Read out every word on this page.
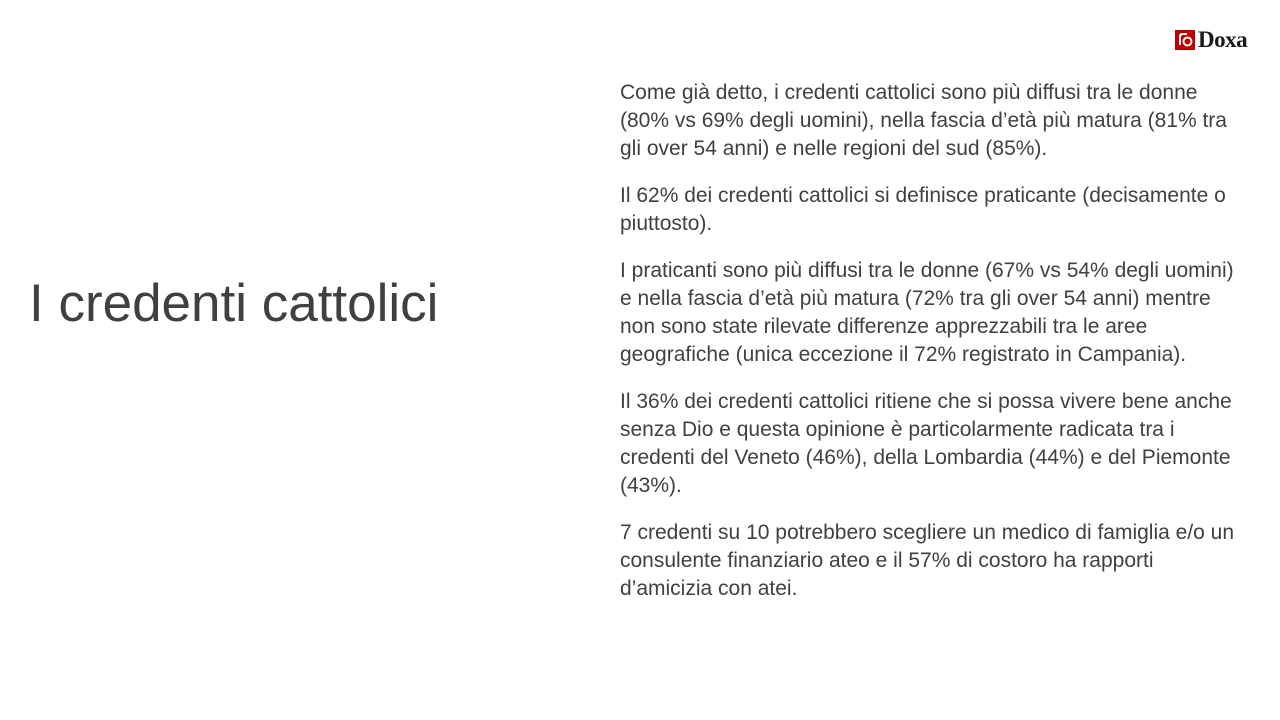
Doxa
I credenti cattolici

Come già detto, i credenti cattolici sono più diffusi tra le donne (80% vs 69% degli uomini), nella fascia d’età più matura (81% tra gli over 54 anni) e nelle regioni del sud (85%).

Il 62% dei credenti cattolici si definisce praticante (decisamente o piuttosto).

I praticanti sono più diffusi tra le donne (67% vs 54% degli uomini) e nella fascia d’età più matura (72% tra gli over 54 anni) mentre non sono state rilevate differenze apprezzabili tra le aree geografiche (unica eccezione il 72% registrato in Campania).

Il 36% dei credenti cattolici ritiene che si possa vivere bene anche senza Dio e questa opinione è particolarmente radicata tra i credenti del Veneto (46%), della Lombardia (44%) e del Piemonte (43%).

7 credenti su 10 potrebbero scegliere un medico di famiglia e/o un consulente finanziario ateo e il 57% di costoro ha rapporti d’amicizia con atei.
